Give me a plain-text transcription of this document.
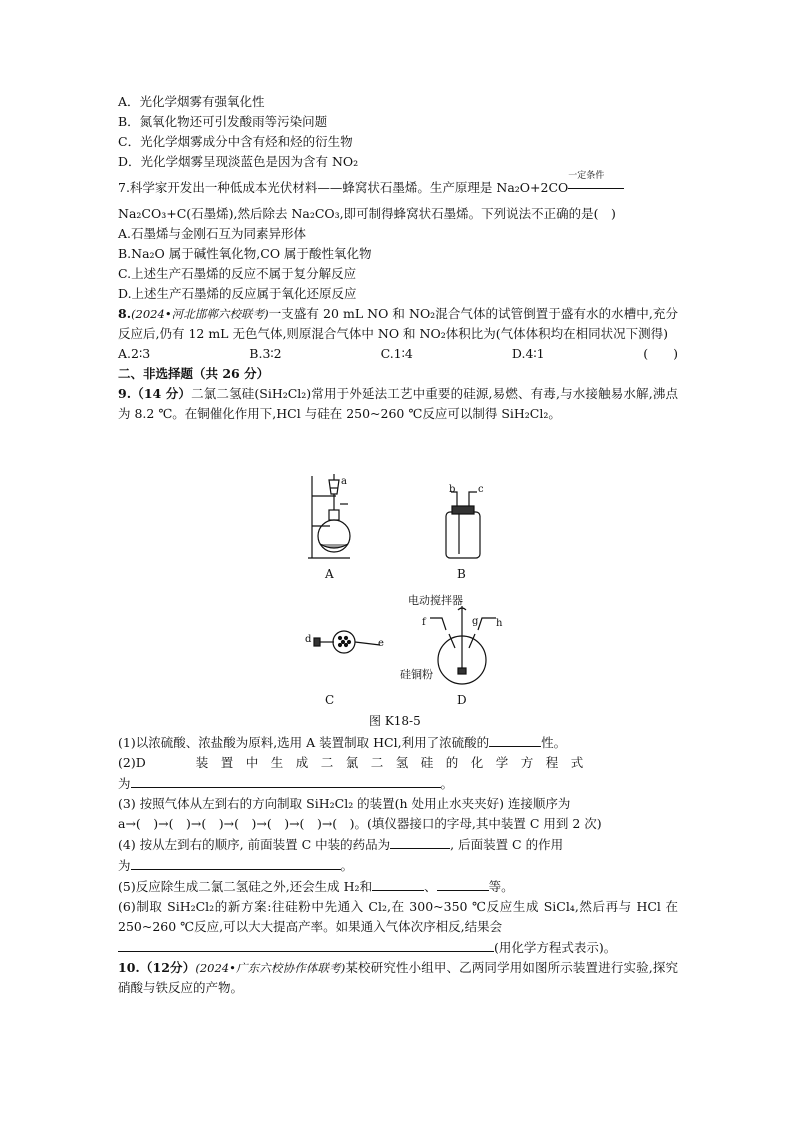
A．光化学烟雾有强氧化性
B．氮氧化物还可引发酸雨等污染问题
C．光化学烟雾成分中含有烃和烃的衍生物
D．光化学烟雾呈现淡蓝色是因为含有 NO₂
7.科学家开发出一种低成本光伏材料——蜂窝状石墨烯。生产原理是 Na₂O+2CO
一定条件
Na₂CO₃+C(石墨烯),然后除去 Na₂CO₃,即可制得蜂窝状石墨烯。下列说法不正确的是(　)
A.石墨烯与金刚石互为同素异形体
B.Na₂O 属于碱性氧化物,CO 属于酸性氧化物
C.上述生产石墨烯的反应不属于复分解反应
D.上述生产石墨烯的反应属于氧化还原反应
8.(2024•河北邯郸六校联考)一支盛有 20 mL NO 和 NO₂混合气体的试管倒置于盛有水的水槽中,充分反应后,仍有 12 mL 无色气体,则原混合气体中 NO 和 NO₂体积比为(气体体积均在相同状况下测得)
(　　)
A.2∶3	B.3∶2	C.1∶4	D.4∶1
二、非选择题（共 26 分）
9.（14 分）二氯二氢硅(SiH₂Cl₂)常用于外延法工艺中重要的硅源,易燃、有毒,与水接触易水解,沸点为 8.2 ℃。在铜催化作用下,HCl 与硅在 250~260 ℃反应可以制得 SiH₂Cl₂。
A	B
C	D
a
b c
d	e
f	g h
电动搅拌器
硅铜粉
图 K18-5
(1)以浓硫酸、浓盐酸为原料,选用 A 装置制取 HCl,利用了浓硫酸的	性。
(2)D　　　　装　置　中　生　成　二　氯　二　氢　硅　的　化　学　方　程　式
为	。
(3) 按照气体从左到右的方向制取 SiH₂Cl₂ 的装置(h 处用止水夹夹好) 连接顺序为
a→(　)→(　)→(　)→(　)→(　)→(　)→(　)。(填仪器接口的字母,其中装置 C 用到 2 次)
(4) 按从左到右的顺序, 前面装置 C 中装的药品为	, 后面装置 C 的作用
为	。
(5)反应除生成二氯二氢硅之外,还会生成 H₂和	、	等。
(6)制取 SiH₂Cl₂的新方案:往硅粉中先通入 Cl₂,在 300~350 ℃反应生成 SiCl₄,然后再与 HCl 在 250~260 ℃反应,可以大大提高产率。如果通入气体次序相反,结果会
(用化学方程式表示)。
10.（12分）(2024•广东六校协作体联考)某校研究性小组甲、乙两同学用如图所示装置进行实验,探究硝酸与铁反应的产物。
